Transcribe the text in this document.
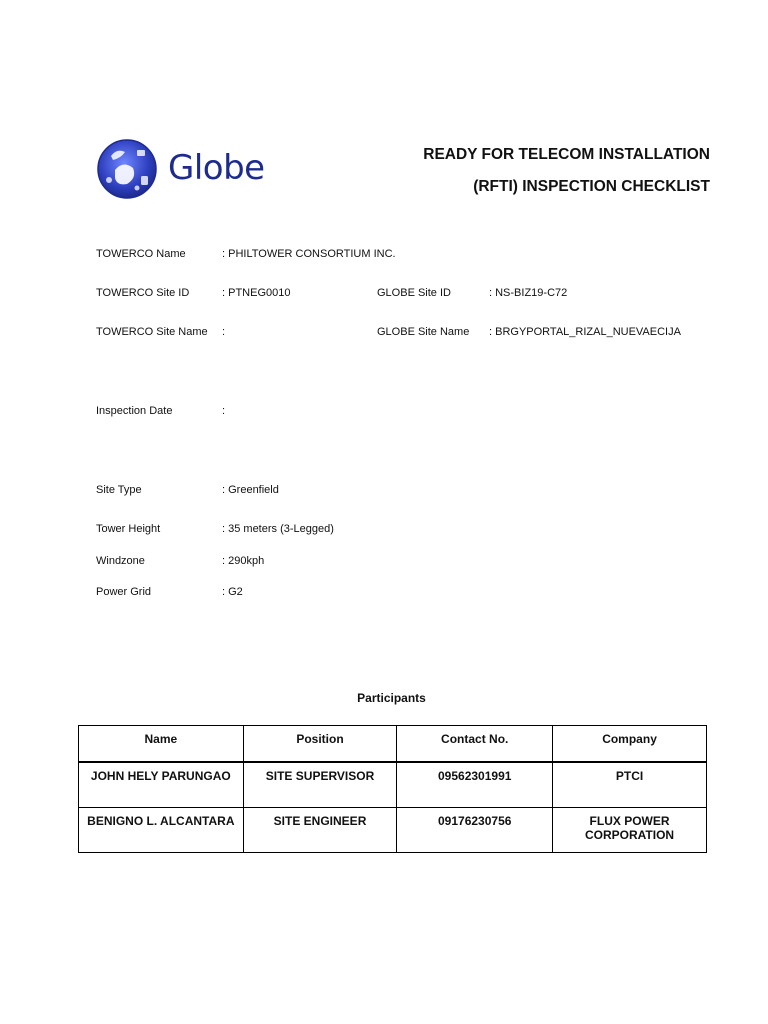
Globe	READY FOR TELECOM INSTALLATION
(RFTI) INSPECTION CHECKLIST
TOWERCO Name	: PHILTOWER CONSORTIUM INC.
TOWERCO Site ID	: PTNEG0010	GLOBE Site ID	: NS-BIZ19-C72
TOWERCO Site Name :	GLOBE Site Name : BRGYPORTAL_RIZAL_NUEVAECIJA
Inspection Date	:
Site Type	: Greenfield
Tower Height	: 35 meters (3-Legged)
Windzone	: 290kph
Power Grid	: G2
Participants
Name	Position	Contact No.	Company
JOHN HELY PARUNGAO	SITE SUPERVISOR	09562301991	PTCI
BENIGNO L. ALCANTARA	SITE ENGINEER	09176230756	FLUX POWER CORPORATION
